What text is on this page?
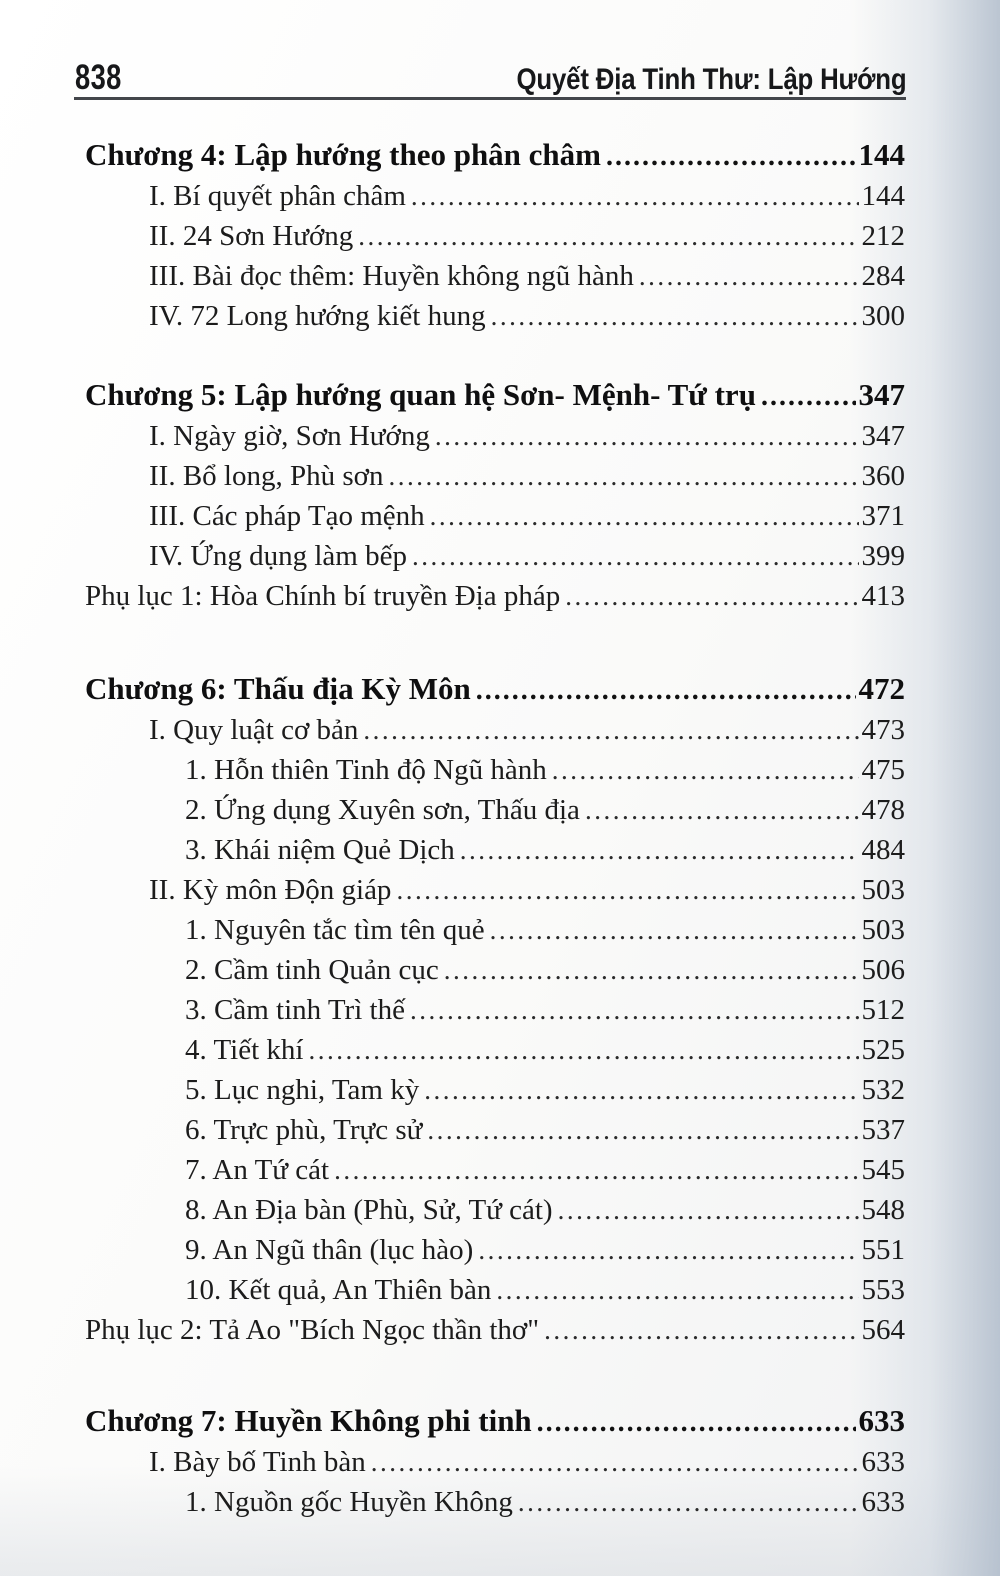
838	Quyết Địa Tinh Thư: Lập Hướng
Chương 4: Lập hướng theo phân châm .....	144
I. Bí quyết phân châm .....	144
II. 24 Sơn Hướng .....	212
III. Bài đọc thêm: Huyền không ngũ hành .....	284
IV. 72 Long hướng kiết hung .....	300
Chương 5: Lập hướng quan hệ Sơn- Mệnh- Tứ trụ .....	347
I. Ngày giờ, Sơn Hướng .....	347
II. Bổ long, Phù sơn .....	360
III. Các pháp Tạo mệnh .....	371
IV. Ứng dụng làm bếp .....	399
Phụ lục 1: Hòa Chính bí truyền Địa pháp .....	413
Chương 6: Thấu địa Kỳ Môn .....	472
I. Quy luật cơ bản .....	473
1. Hỗn thiên Tinh độ Ngũ hành .....	475
2. Ứng dụng Xuyên sơn, Thấu địa .....	478
3. Khái niệm Quẻ Dịch .....	484
II. Kỳ môn Độn giáp .....	503
1. Nguyên tắc tìm tên quẻ .....	503
2. Cầm tinh Quản cục .....	506
3. Cầm tinh Trì thế .....	512
4. Tiết khí .....	525
5. Lục nghi, Tam kỳ .....	532
6. Trực phù, Trực sử .....	537
7. An Tứ cát .....	545
8. An Địa bàn (Phù, Sử, Tứ cát) .....	548
9. An Ngũ thân (lục hào) .....	551
10. Kết quả, An Thiên bàn .....	553
Phụ lục 2: Tả Ao "Bích Ngọc thần thơ" .....	564
Chương 7: Huyền Không phi tinh .....	633
I. Bày bố Tinh bàn .....	633
1. Nguồn gốc Huyền Không .....	633
